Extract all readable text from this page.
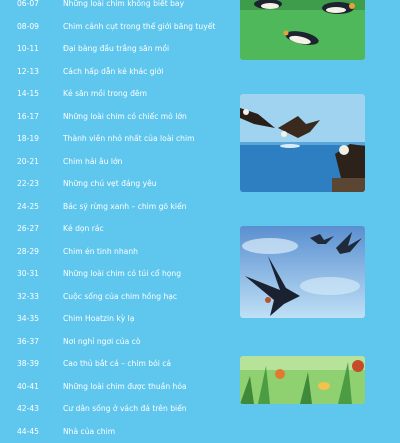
06-07	Những loài chim không biết bay
08-09	Chim cánh cụt trong thế giới băng tuyết
10-11	Đại bàng đầu trắng săn mồi
12-13	Cách hấp dẫn kẻ khác giới
14-15	Kẻ săn mồi trong đêm
16-17	Những loài chim có chiếc mỏ lớn
18-19	Thành viên nhỏ nhất của loài chim
20-21	Chim hải âu lớn
22-23	Những chú vẹt đáng yêu
24-25	Bác sỹ rừng xanh – chim gõ kiến
26-27	Kẻ dọn rác
28-29	Chim én tinh nhanh
30-31	Những loài chim có túi cổ họng
32-33	Cuộc sống của chim hồng hạc
34-35	Chim Hoatzin kỳ lạ
36-37	Nơi nghỉ ngơi của cò
38-39	Cao thủ bắt cá – chim bói cá
40-41	Những loài chim được thuần hóa
42-43	Cư dân sống ở vách đá trên biển
44-45	Nhà của chim
